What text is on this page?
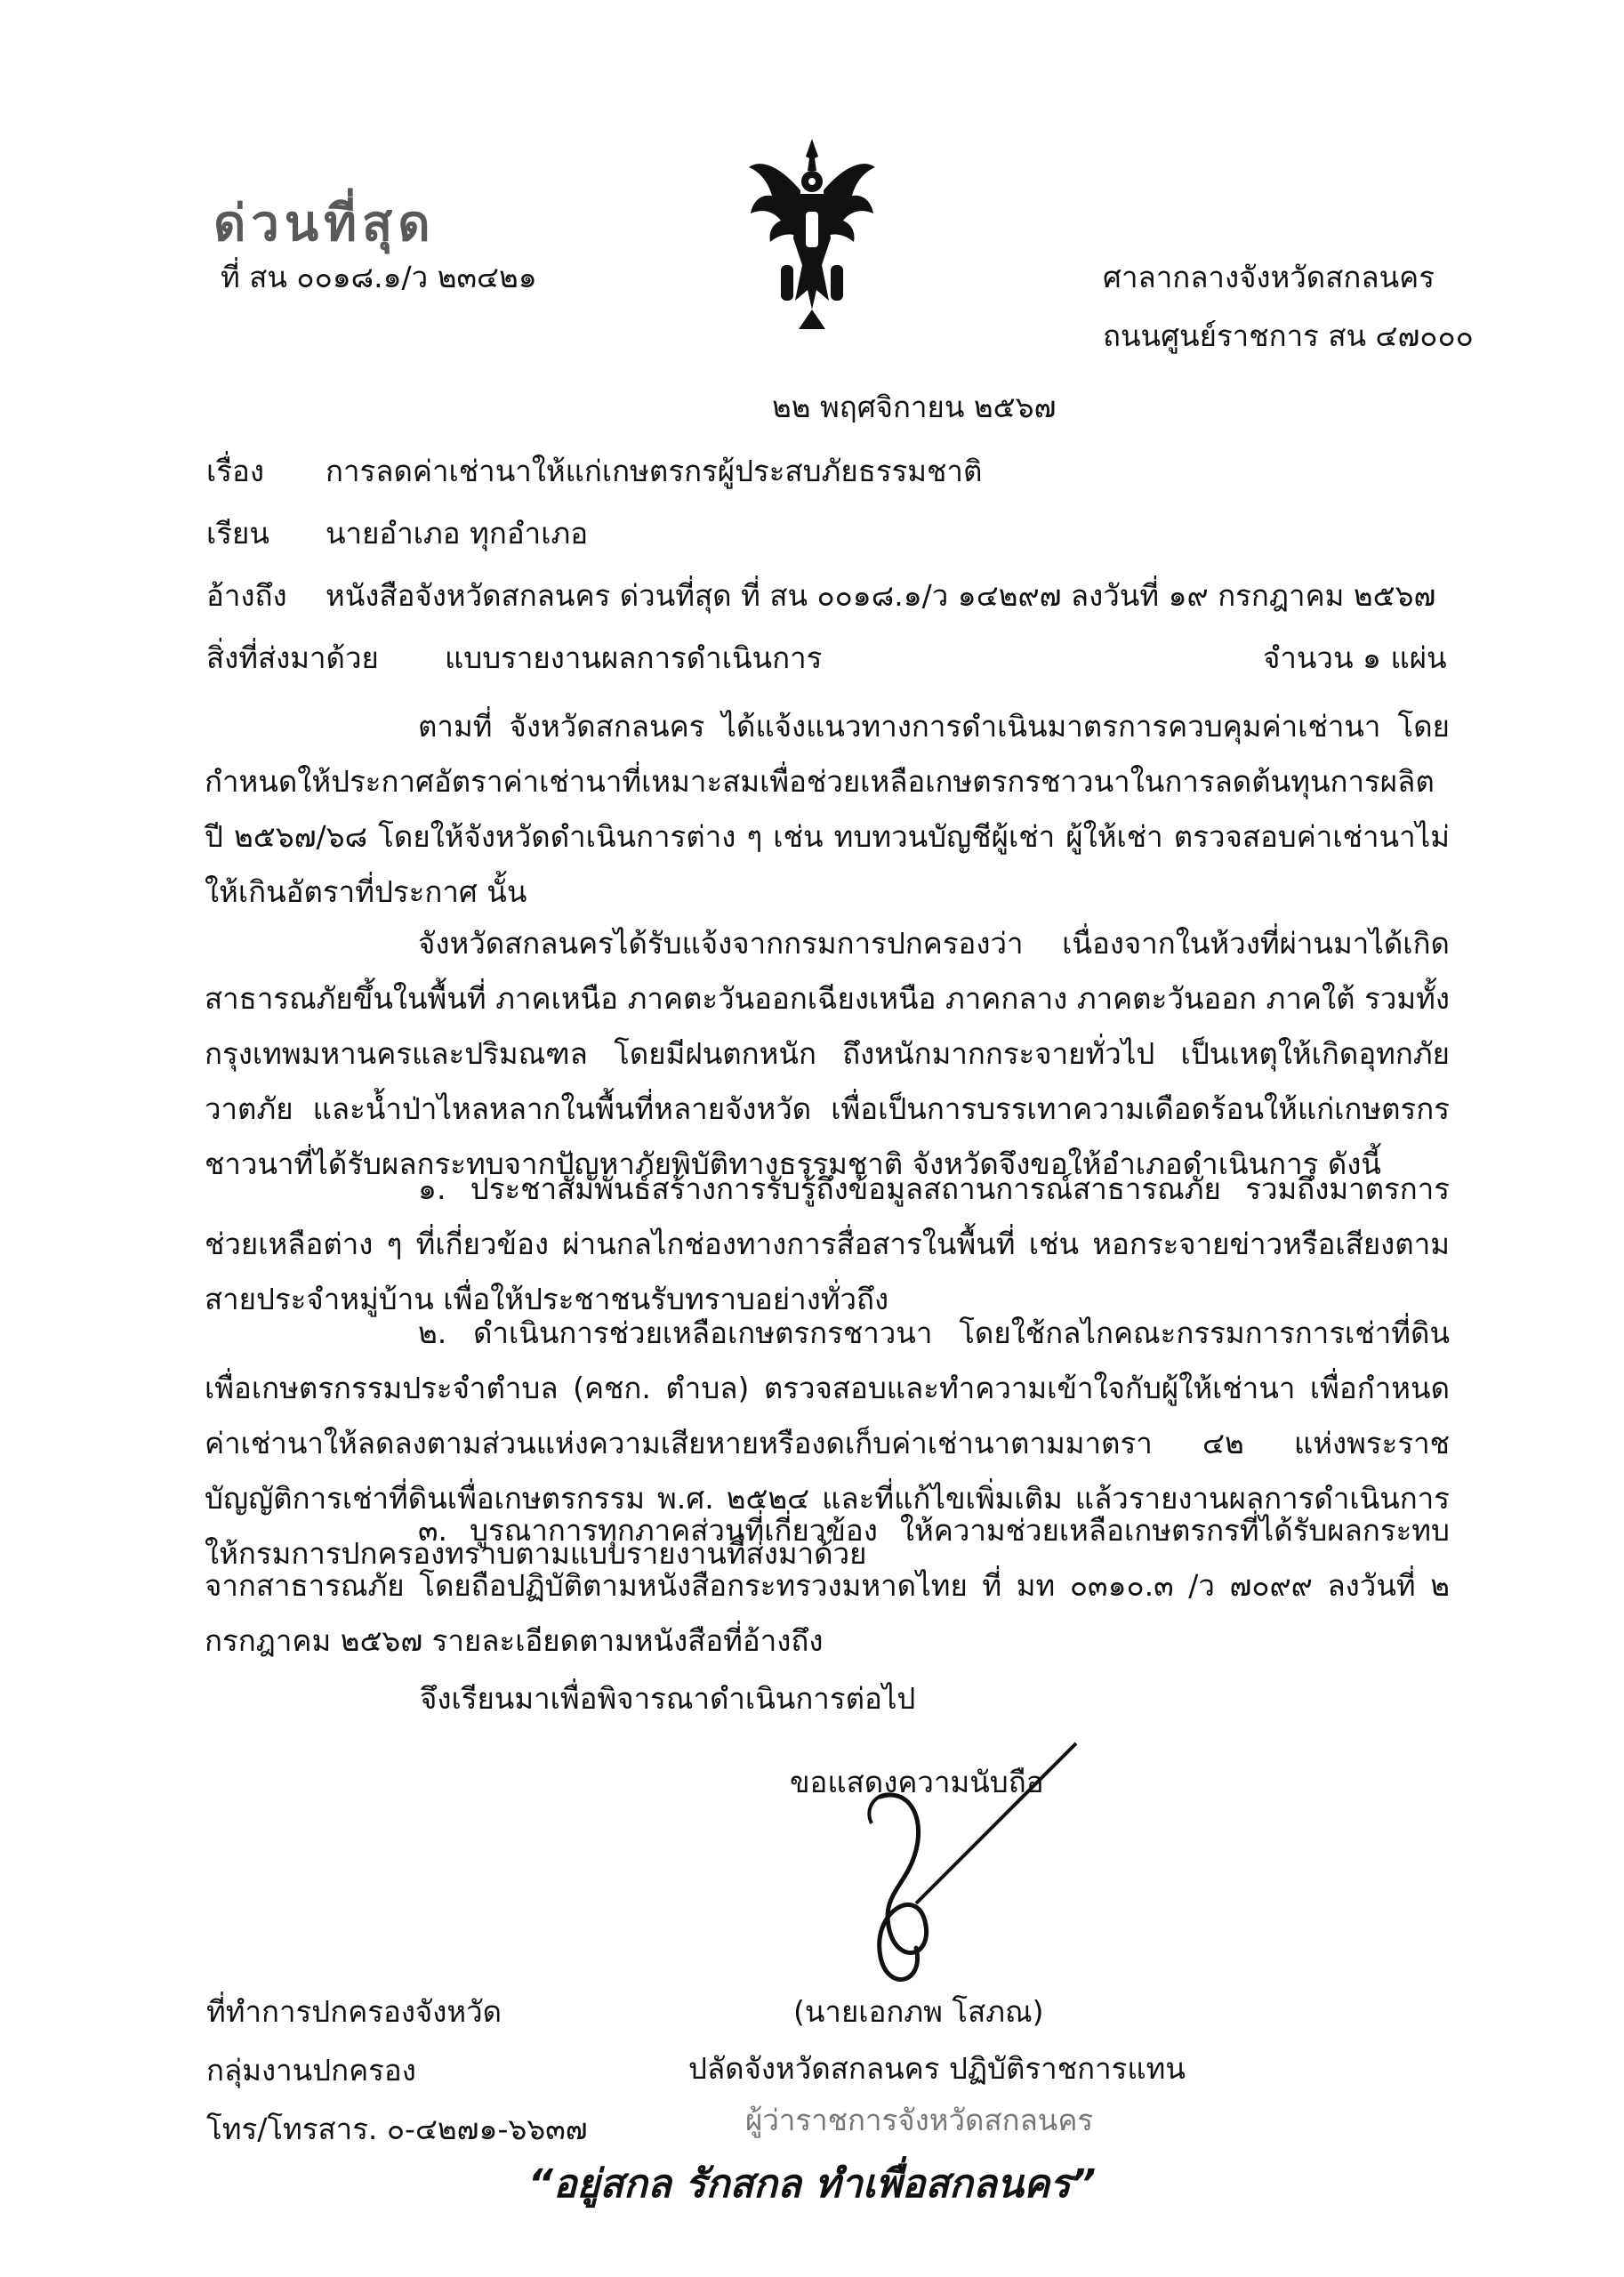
ด่วนที่สุด
ที่ สน ๐๐๑๘.๑/ว ๒๓๔๒๑	ศาลากลางจังหวัดสกลนคร
ถนนศูนย์ราชการ สน ๔๗๐๐๐
๒๒ พฤศจิกายน ๒๕๖๗
เรื่อง การลดค่าเช่านาให้แก่เกษตรกรผู้ประสบภัยธรรมชาติ
เรียน นายอำเภอ ทุกอำเภอ
อ้างถึง หนังสือจังหวัดสกลนคร ด่วนที่สุด ที่ สน ๐๐๑๘.๑/ว ๑๔๒๙๗ ลงวันที่ ๑๙ กรกฎาคม ๒๕๖๗
สิ่งที่ส่งมาด้วย แบบรายงานผลการดำเนินการ	จำนวน ๑ แผ่น
ตามที่ จังหวัดสกลนคร ได้แจ้งแนวทางการดำเนินมาตรการควบคุมค่าเช่านา โดยกำหนดให้ประกาศอัตราค่าเช่านาที่เหมาะสมเพื่อช่วยเหลือเกษตรกรชาวนาในการลดต้นทุนการผลิต ปี ๒๕๖๗/๖๘ โดยให้จังหวัดดำเนินการต่าง ๆ เช่น ทบทวนบัญชีผู้เช่า ผู้ให้เช่า ตรวจสอบค่าเช่านาไม่ให้เกินอัตราที่ประกาศ นั้น
จังหวัดสกลนครได้รับแจ้งจากกรมการปกครองว่า เนื่องจากในห้วงที่ผ่านมาได้เกิดสาธารณภัยขึ้นในพื้นที่ ภาคเหนือ ภาคตะวันออกเฉียงเหนือ ภาคกลาง ภาคตะวันออก ภาคใต้ รวมทั้งกรุงเทพมหานครและปริมณฑล โดยมีฝนตกหนัก ถึงหนักมากกระจายทั่วไป เป็นเหตุให้เกิดอุทกภัย วาตภัย และน้ำป่าไหลหลากในพื้นที่หลายจังหวัด เพื่อเป็นการบรรเทาความเดือดร้อนให้แก่เกษตรกรชาวนาที่ได้รับผลกระทบจากปัญหาภัยพิบัติทางธรรมชาติ จังหวัดจึงขอให้อำเภอดำเนินการ ดังนี้
๑. ประชาสัมพันธ์สร้างการรับรู้ถึงข้อมูลสถานการณ์สาธารณภัย รวมถึงมาตรการช่วยเหลือต่าง ๆ ที่เกี่ยวข้อง ผ่านกลไกช่องทางการสื่อสารในพื้นที่ เช่น หอกระจายข่าวหรือเสียงตามสายประจำหมู่บ้าน เพื่อให้ประชาชนรับทราบอย่างทั่วถึง
๒. ดำเนินการช่วยเหลือเกษตรกรชาวนา โดยใช้กลไกคณะกรรมการการเช่าที่ดินเพื่อเกษตรกรรมประจำตำบล (คชก. ตำบล) ตรวจสอบและทำความเข้าใจกับผู้ให้เช่านา เพื่อกำหนดค่าเช่านาให้ลดลงตามส่วนแห่งความเสียหายหรืองดเก็บค่าเช่านาตามมาตรา ๔๒ แห่งพระราชบัญญัติการเช่าที่ดินเพื่อเกษตรกรรม พ.ศ. ๒๕๒๔ และที่แก้ไขเพิ่มเติม แล้วรายงานผลการดำเนินการให้กรมการปกครองทราบตามแบบรายงานที่ส่งมาด้วย
๓. บูรณาการทุกภาคส่วนที่เกี่ยวข้อง ให้ความช่วยเหลือเกษตรกรที่ได้รับผลกระทบจากสาธารณภัย โดยถือปฏิบัติตามหนังสือกระทรวงมหาดไทย ที่ มท ๐๓๑๐.๓ /ว ๗๐๙๙ ลงวันที่ ๒ กรกฎาคม ๒๕๖๗ รายละเอียดตามหนังสือที่อ้างถึง
จึงเรียนมาเพื่อพิจารณาดำเนินการต่อไป
ขอแสดงความนับถือ
(นายเอกภพ โสภณ)
ปลัดจังหวัดสกลนคร ปฏิบัติราชการแทน
ผู้ว่าราชการจังหวัดสกลนคร
ที่ทำการปกครองจังหวัด
กลุ่มงานปกครอง
โทร/โทรสาร. ๐-๔๒๗๑-๖๖๓๗
“อยู่สกล รักสกล ทำเพื่อสกลนคร”
